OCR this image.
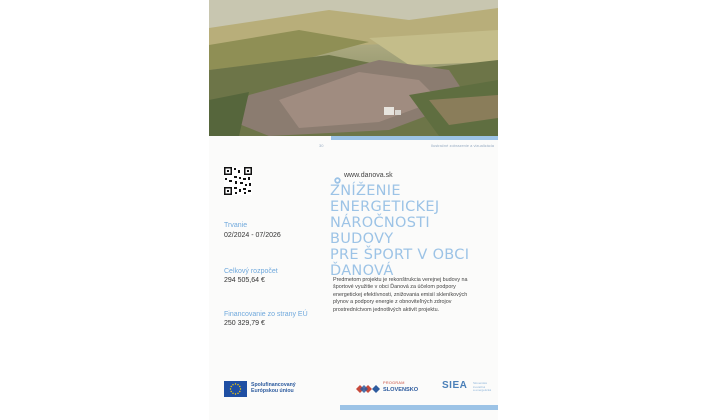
30	Ilustračné zobrazenie a vizualizácia
Trvanie
02/2024 - 07/2026
Celkový rozpočet
294 505,64 €
Financovanie zo strany EÚ
250 329,79 €
www.danova.sk
ZNÍŽENIE
ENERGETICKEJ
NÁROČNOSTI BUDOVY
PRE ŠPORT V OBCI
ĎANOVÁ
Predmetom projektu je rekonštrukcia verejnej budovy na športové využitie v obci Ďanová za účelom podpory energetickej efektívnosti, znižovania emisií skleníkových plynov a podpory energie z obnoviteľných zdrojov prostredníctvom jednotlivých aktivít projektu.
Spolufinancovaný
Európskou úniou
PROGRAM
SLOVENSKO SIEA Slovenská
inovačná
a energetická
